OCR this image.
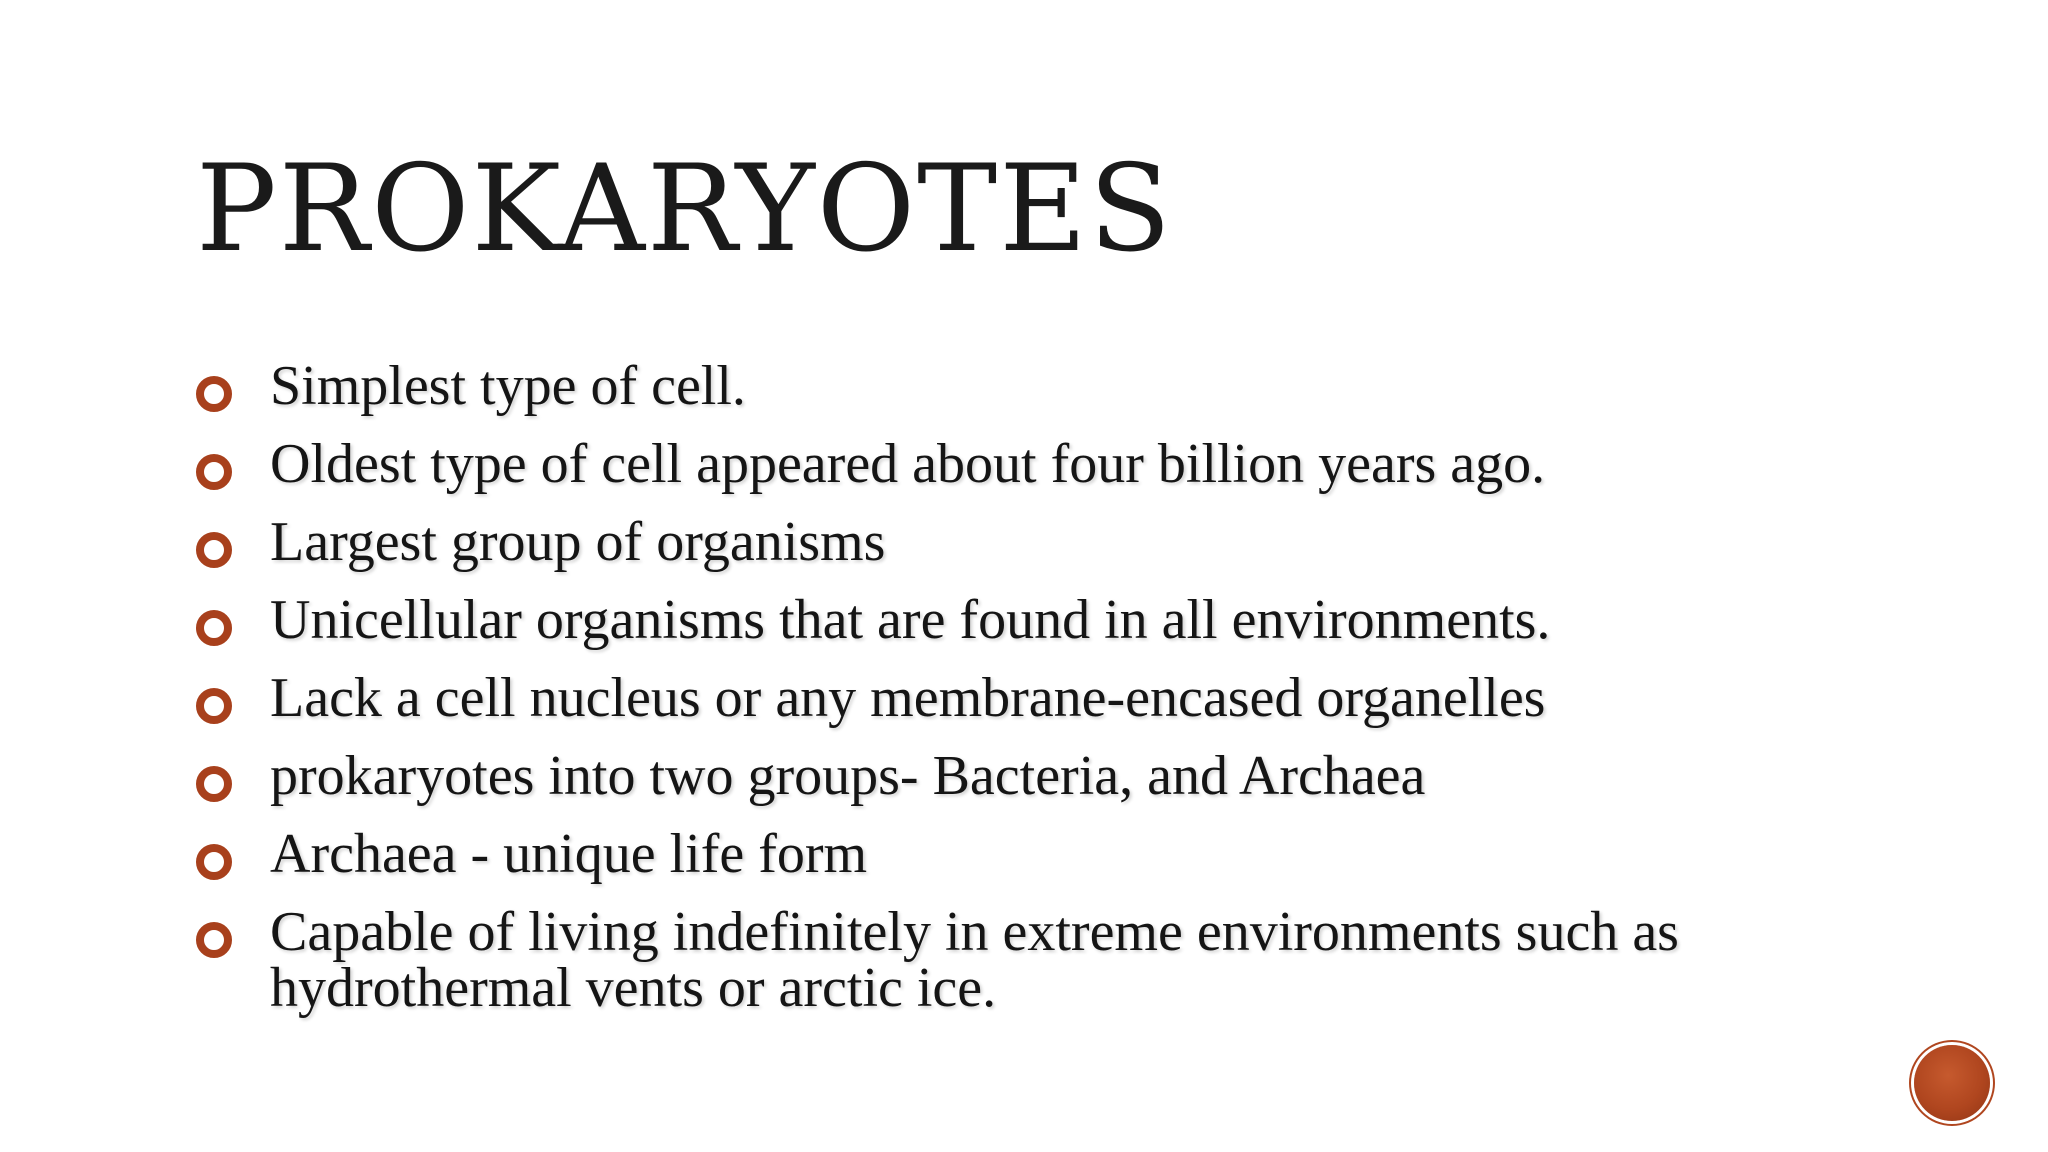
PROKARYOTES
Simplest type of cell.
Oldest type of cell appeared about four billion years ago.
Largest group of organisms
Unicellular organisms that are found in all environments.
Lack a cell nucleus or any membrane-encased organelles
prokaryotes into two groups- Bacteria, and Archaea
Archaea - unique life form
Capable of living indefinitely in extreme environments such as hydrothermal vents or arctic ice.
